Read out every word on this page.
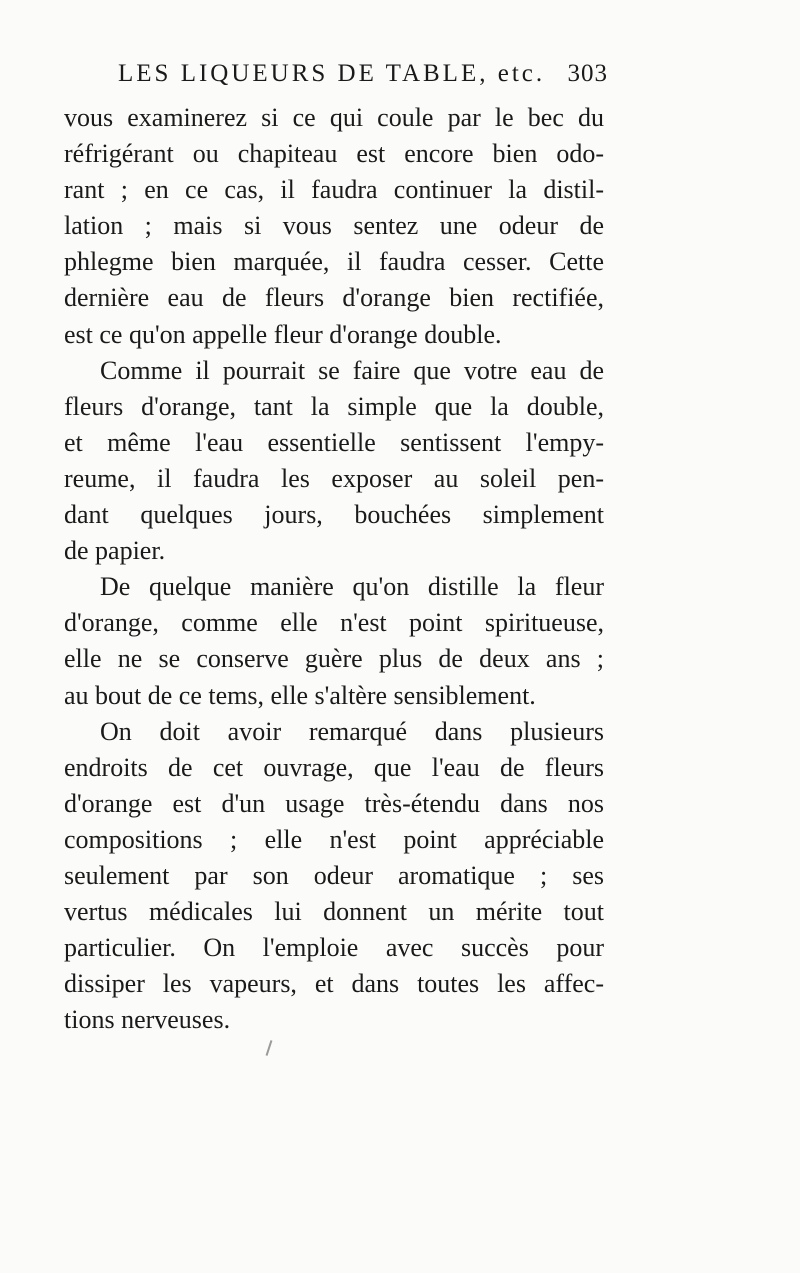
LES LIQUEURS DE TABLE, etc. 303
vous examinerez si ce qui coule par le bec du
réfrigérant ou chapiteau est encore bien odo-
rant ; en ce cas, il faudra continuer la distil-
lation ; mais si vous sentez une odeur de
phlegme bien marquée, il faudra cesser. Cette
dernière eau de fleurs d'orange bien rectifiée,
est ce qu'on appelle fleur d'orange double.
Comme il pourrait se faire que votre eau de
fleurs d'orange, tant la simple que la double,
et même l'eau essentielle sentissent l'empy-
reume, il faudra les exposer au soleil pen-
dant quelques jours, bouchées simplement
de papier.
De quelque manière qu'on distille la fleur
d'orange, comme elle n'est point spiritueuse,
elle ne se conserve guère plus de deux ans ;
au bout de ce tems, elle s'altère sensiblement.
On doit avoir remarqué dans plusieurs
endroits de cet ouvrage, que l'eau de fleurs
d'orange est d'un usage très-étendu dans nos
compositions ; elle n'est point appréciable
seulement par son odeur aromatique ; ses
vertus médicales lui donnent un mérite tout
particulier. On l'emploie avec succès pour
dissiper les vapeurs, et dans toutes les affec-
tions nerveuses.
